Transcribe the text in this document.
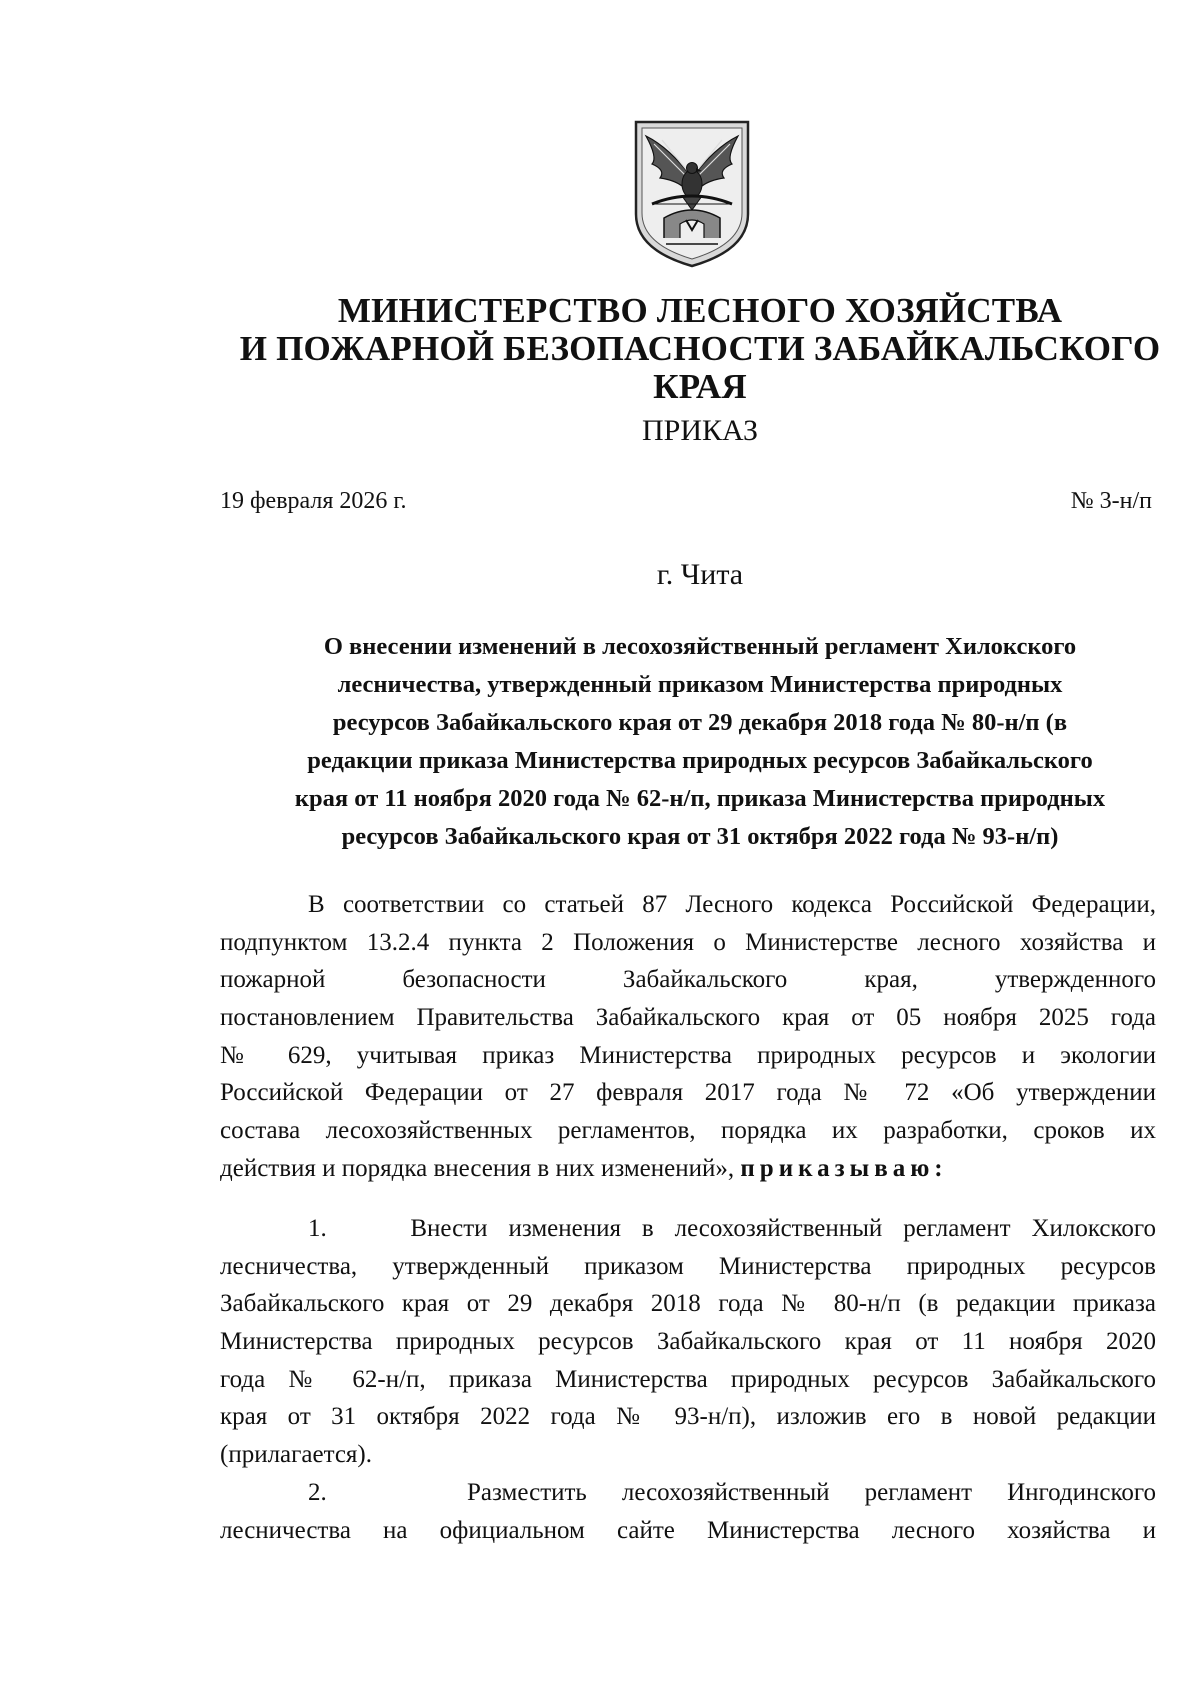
МИНИСТЕРСТВО ЛЕСНОГО ХОЗЯЙСТВА
И ПОЖАРНОЙ БЕЗОПАСНОСТИ ЗАБАЙКАЛЬСКОГО
КРАЯ
ПРИКАЗ
19 февраля 2026 г.	№ 3-н/п
г. Чита
О внесении изменений в лесохозяйственный регламент Хилокского
лесничества, утвержденный приказом Министерства природных
ресурсов Забайкальского края от 29 декабря 2018 года № 80-н/п (в
редакции приказа Министерства природных ресурсов Забайкальского
края от 11 ноября 2020 года № 62-н/п, приказа Министерства природных
ресурсов Забайкальского края от 31 октября 2022 года № 93-н/п)
В соответствии со статьей 87 Лесного кодекса Российской Федерации,
подпунктом 13.2.4 пункта 2 Положения о Министерстве лесного хозяйства и
пожарной безопасности Забайкальского края, утвержденного
постановлением Правительства Забайкальского края от 05 ноября 2025 года
№ 629, учитывая приказ Министерства природных ресурсов и экологии
Российской Федерации от 27 февраля 2017 года № 72 «Об утверждении
состава лесохозяйственных регламентов, порядка их разработки, сроков их
действия и порядка внесения в них изменений», приказываю:
1.	Внести изменения в лесохозяйственный регламент Хилокского
лесничества, утвержденный приказом Министерства природных ресурсов
Забайкальского края от 29 декабря 2018 года № 80-н/п (в редакции приказа
Министерства природных ресурсов Забайкальского края от 11 ноября 2020
года № 62-н/п, приказа Министерства природных ресурсов Забайкальского
края от 31 октября 2022 года № 93-н/п), изложив его в новой редакции
(прилагается).
2.	Разместить лесохозяйственный регламент Ингодинского
лесничества на официальном сайте Министерства лесного хозяйства и
